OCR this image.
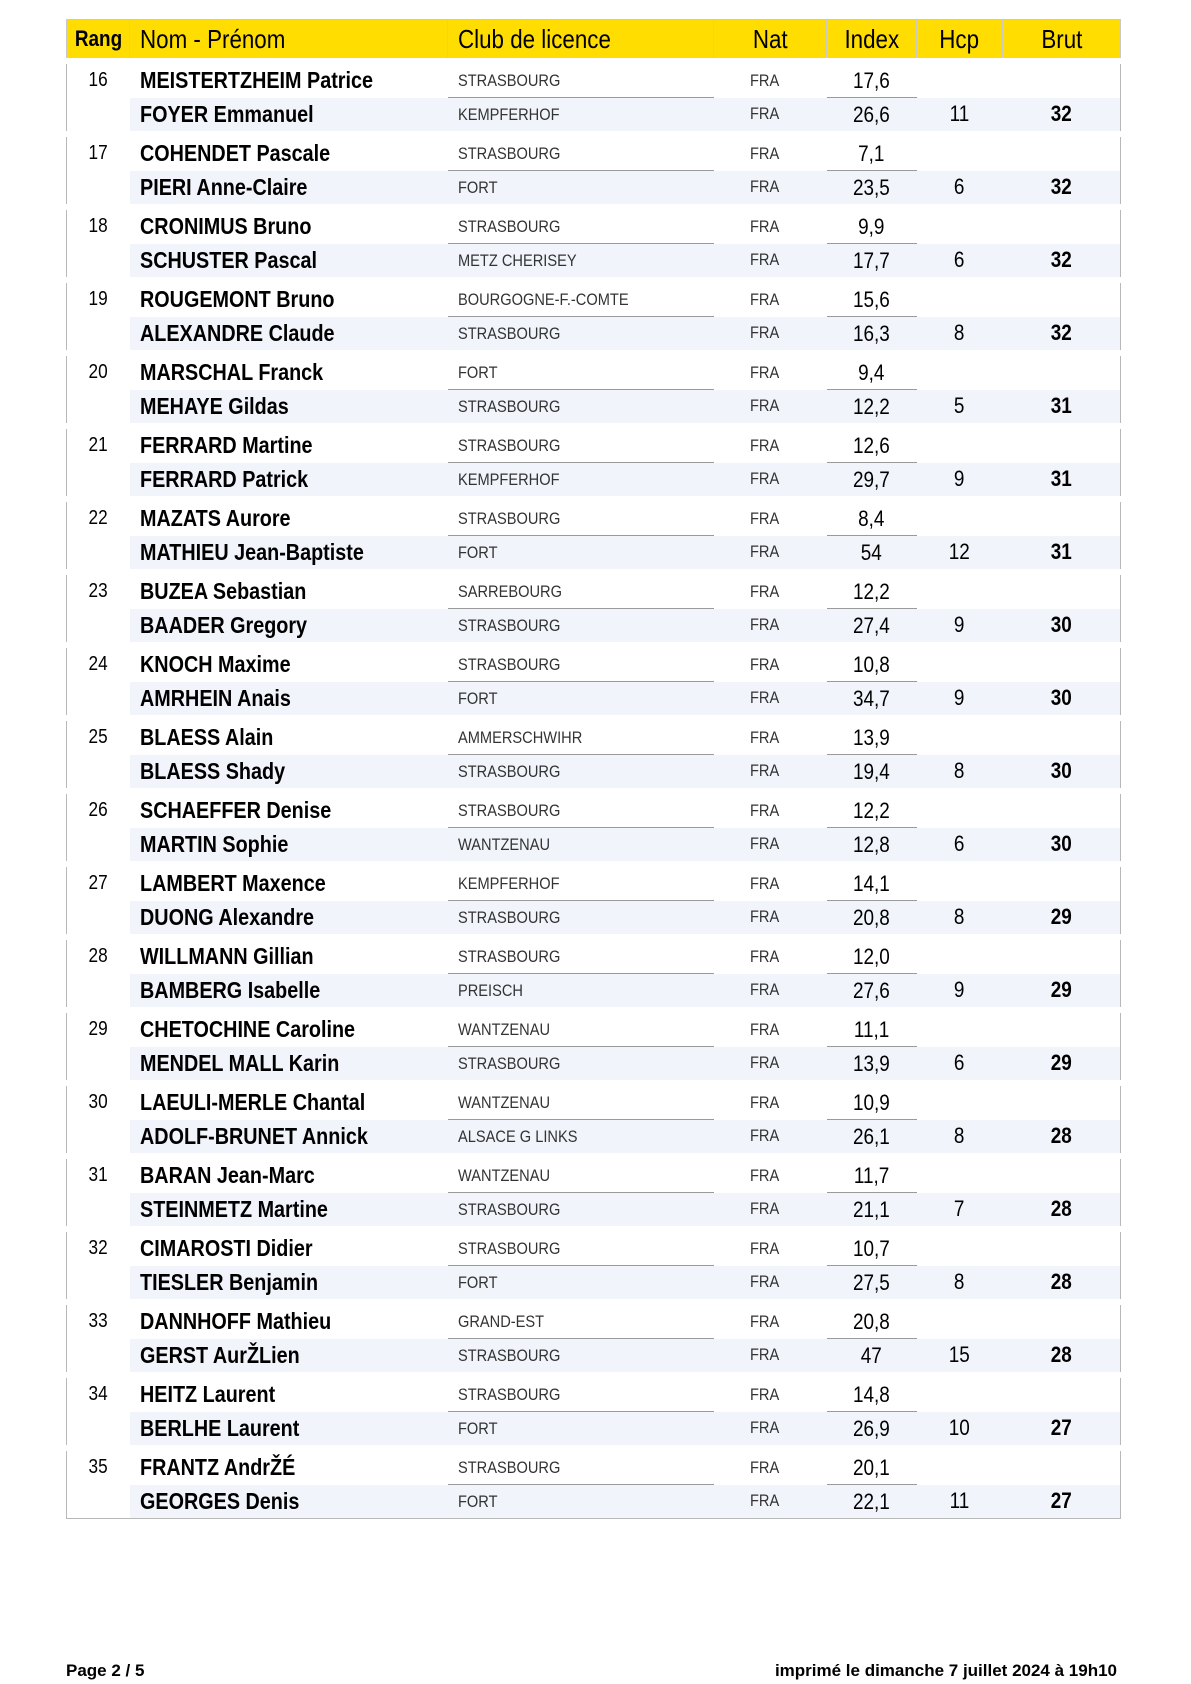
Rang	Nom - Prénom	Club de licence	Nat	Index	Hcp	Brut
16	MEISTERTZHEIM Patrice	STRASBOURG	FRA	17,6		
	FOYER Emmanuel	KEMPFERHOF	FRA	26,6	11	32
17	COHENDET Pascale	STRASBOURG	FRA	7,1		
	PIERI Anne-Claire	FORT	FRA	23,5	6	32
18	CRONIMUS Bruno	STRASBOURG	FRA	9,9		
	SCHUSTER Pascal	METZ CHERISEY	FRA	17,7	6	32
19	ROUGEMONT Bruno	BOURGOGNE-F.-COMTE	FRA	15,6		
	ALEXANDRE Claude	STRASBOURG	FRA	16,3	8	32
20	MARSCHAL Franck	FORT	FRA	9,4		
	MEHAYE Gildas	STRASBOURG	FRA	12,2	5	31
21	FERRARD Martine	STRASBOURG	FRA	12,6		
	FERRARD Patrick	KEMPFERHOF	FRA	29,7	9	31
22	MAZATS Aurore	STRASBOURG	FRA	8,4		
	MATHIEU Jean-Baptiste	FORT	FRA	54	12	31
23	BUZEA Sebastian	SARREBOURG	FRA	12,2		
	BAADER Gregory	STRASBOURG	FRA	27,4	9	30
24	KNOCH Maxime	STRASBOURG	FRA	10,8		
	AMRHEIN Anais	FORT	FRA	34,7	9	30
25	BLAESS Alain	AMMERSCHWIHR	FRA	13,9		
	BLAESS Shady	STRASBOURG	FRA	19,4	8	30
26	SCHAEFFER Denise	STRASBOURG	FRA	12,2		
	MARTIN Sophie	WANTZENAU	FRA	12,8	6	30
27	LAMBERT Maxence	KEMPFERHOF	FRA	14,1		
	DUONG Alexandre	STRASBOURG	FRA	20,8	8	29
28	WILLMANN Gillian	STRASBOURG	FRA	12,0		
	BAMBERG Isabelle	PREISCH	FRA	27,6	9	29
29	CHETOCHINE Caroline	WANTZENAU	FRA	11,1		
	MENDEL MALL Karin	STRASBOURG	FRA	13,9	6	29
30	LAEULI-MERLE Chantal	WANTZENAU	FRA	10,9		
	ADOLF-BRUNET Annick	ALSACE G LINKS	FRA	26,1	8	28
31	BARAN Jean-Marc	WANTZENAU	FRA	11,7		
	STEINMETZ Martine	STRASBOURG	FRA	21,1	7	28
32	CIMAROSTI Didier	STRASBOURG	FRA	10,7		
	TIESLER Benjamin	FORT	FRA	27,5	8	28
33	DANNHOFF Mathieu	GRAND-EST	FRA	20,8		
	GERST AurŽLien	STRASBOURG	FRA	47	15	28
34	HEITZ Laurent	STRASBOURG	FRA	14,8		
	BERLHE Laurent	FORT	FRA	26,9	10	27
35	FRANTZ AndrŽÉ	STRASBOURG	FRA	20,1		
	GEORGES Denis	FORT	FRA	22,1	11	27
Page 2 / 5	imprimé le dimanche 7 juillet 2024 à 19h10
